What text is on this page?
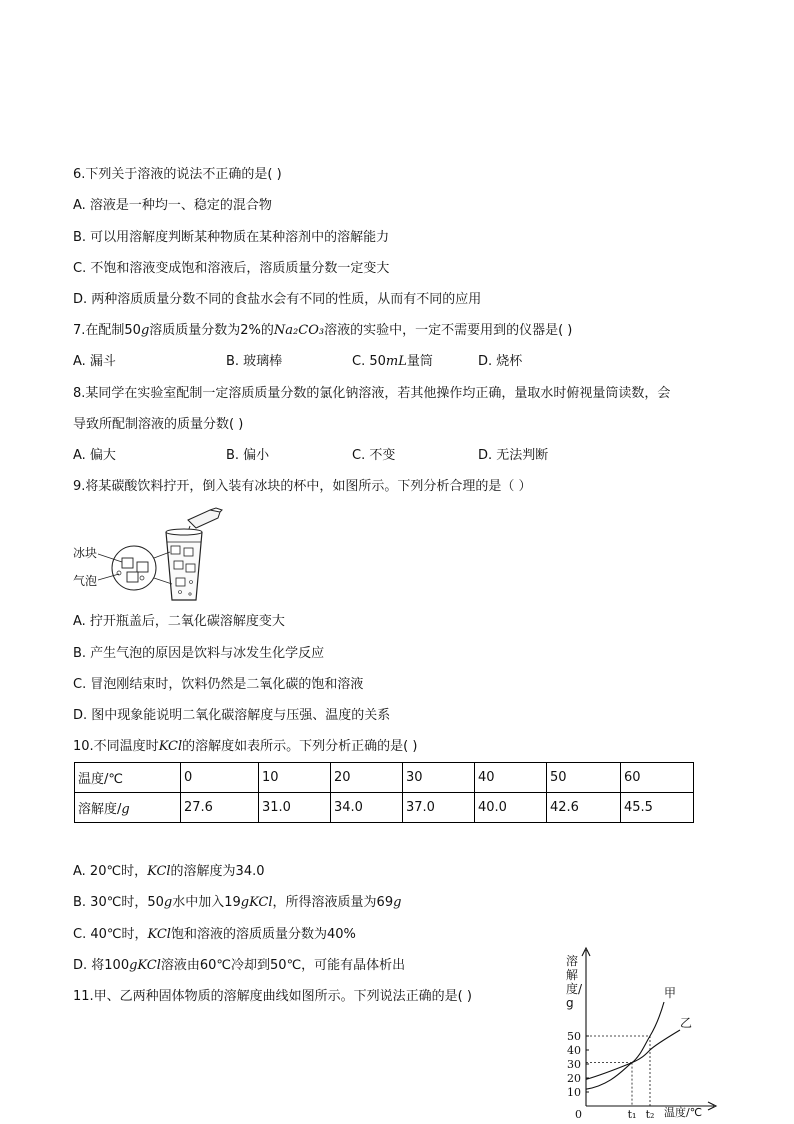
6.下列关于溶液的说法不正确的是( )
A. 溶液是一种均一、稳定的混合物
B. 可以用溶解度判断某种物质在某种溶剂中的溶解能力
C. 不饱和溶液变成饱和溶液后，溶质质量分数一定变大
D. 两种溶质质量分数不同的食盐水会有不同的性质，从而有不同的应用
7.在配制50g溶质质量分数为2%的Na₂CO₃溶液的实验中，一定不需要用到的仪器是( )
A. 漏斗	B. 玻璃棒	C. 50mL量筒	D. 烧杯
8.某同学在实验室配制一定溶质质量分数的氯化钠溶液，若其他操作均正确，量取水时俯视量筒读数，会
导致所配制溶液的质量分数( )
A. 偏大	B. 偏小	C. 不变	D. 无法判断
9.将某碳酸饮料拧开，倒入装有冰块的杯中，如图所示。下列分析合理的是（ ）
冰块
气泡
A. 拧开瓶盖后，二氧化碳溶解度变大
B. 产生气泡的原因是饮料与冰发生化学反应
C. 冒泡刚结束时，饮料仍然是二氧化碳的饱和溶液
D. 图中现象能说明二氧化碳溶解度与压强、温度的关系
10.不同温度时KCl的溶解度如表所示。下列分析正确的是( )
温度/℃	0	10	20	30	40	50	60
溶解度/g	27.6	31.0	34.0	37.0	40.0	42.6	45.5
A. 20℃时，KCl的溶解度为34.0
B. 30℃时，50g水中加入19gKCl，所得溶液质量为69g
C. 40℃时，KCl饱和溶液的溶质质量分数为40%
D. 将100gKCl溶液由60℃冷却到50℃，可能有晶体析出
11.甲、乙两种固体物质的溶解度曲线如图所示。下列说法正确的是( )
0
10
20
30
40
50
t₁ t₂
溶解度/g
温度/℃
甲
乙
